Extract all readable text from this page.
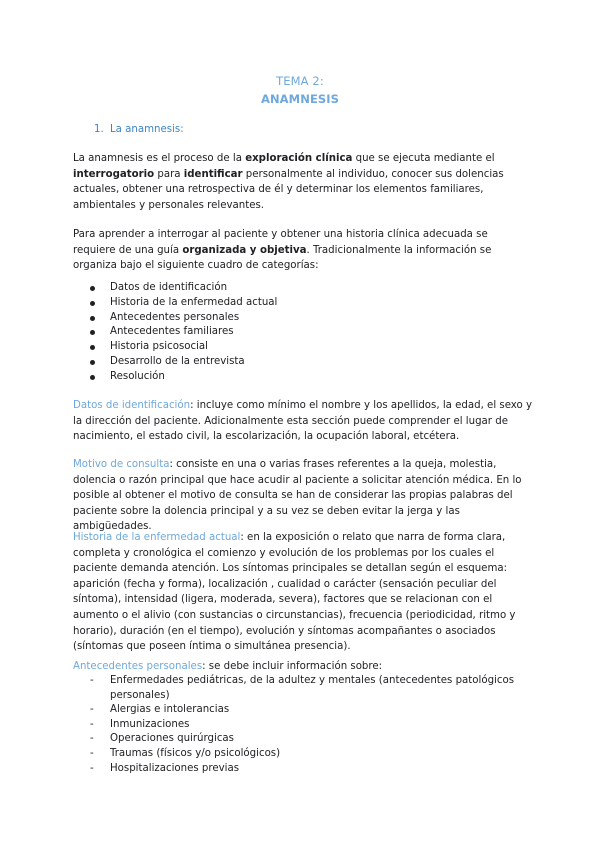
TEMA 2:
ANAMNESIS
1. La anamnesis:

La anamnesis es el proceso de la exploración clínica que se ejecuta mediante el interrogatorio para identificar personalmente al individuo, conocer sus dolencias actuales, obtener una retrospectiva de él y determinar los elementos familiares, ambientales y personales relevantes.

Para aprender a interrogar al paciente y obtener una historia clínica adecuada se requiere de una guía organizada y objetiva. Tradicionalmente la información se organiza bajo el siguiente cuadro de categorías:

Datos de identificación
Historia de la enfermedad actual
Antecedentes personales
Antecedentes familiares
Historia psicosocial
Desarrollo de la entrevista
Resolución

Datos de identificación: incluye como mínimo el nombre y los apellidos, la edad, el sexo y la dirección del paciente. Adicionalmente esta sección puede comprender el lugar de nacimiento, el estado civil, la escolarización, la ocupación laboral, etcétera.

Motivo de consulta: consiste en una o varias frases referentes a la queja, molestia, dolencia o razón principal que hace acudir al paciente a solicitar atención médica. En lo posible al obtener el motivo de consulta se han de considerar las propias palabras del paciente sobre la dolencia principal y a su vez se deben evitar la jerga y las ambigüedades.

Historia de la enfermedad actual: en la exposición o relato que narra de forma clara, completa y cronológica el comienzo y evolución de los problemas por los cuales el paciente demanda atención. Los síntomas principales se detallan según el esquema: aparición (fecha y forma), localización , cualidad o carácter (sensación peculiar del síntoma), intensidad (ligera, moderada, severa), factores que se relacionan con el aumento o el alivio (con sustancias o circunstancias), frecuencia (periodicidad, ritmo y horario), duración (en el tiempo), evolución y síntomas acompañantes o asociados (síntomas que poseen íntima o simultánea presencia).

Antecedentes personales: se debe incluir información sobre:

- Enfermedades pediátricas, de la adultez y mentales (antecedentes patológicos personales)
- Alergias e intolerancias
- Inmunizaciones
- Operaciones quirúrgicas
- Traumas (físicos y/o psicológicos)
- Hospitalizaciones previas
